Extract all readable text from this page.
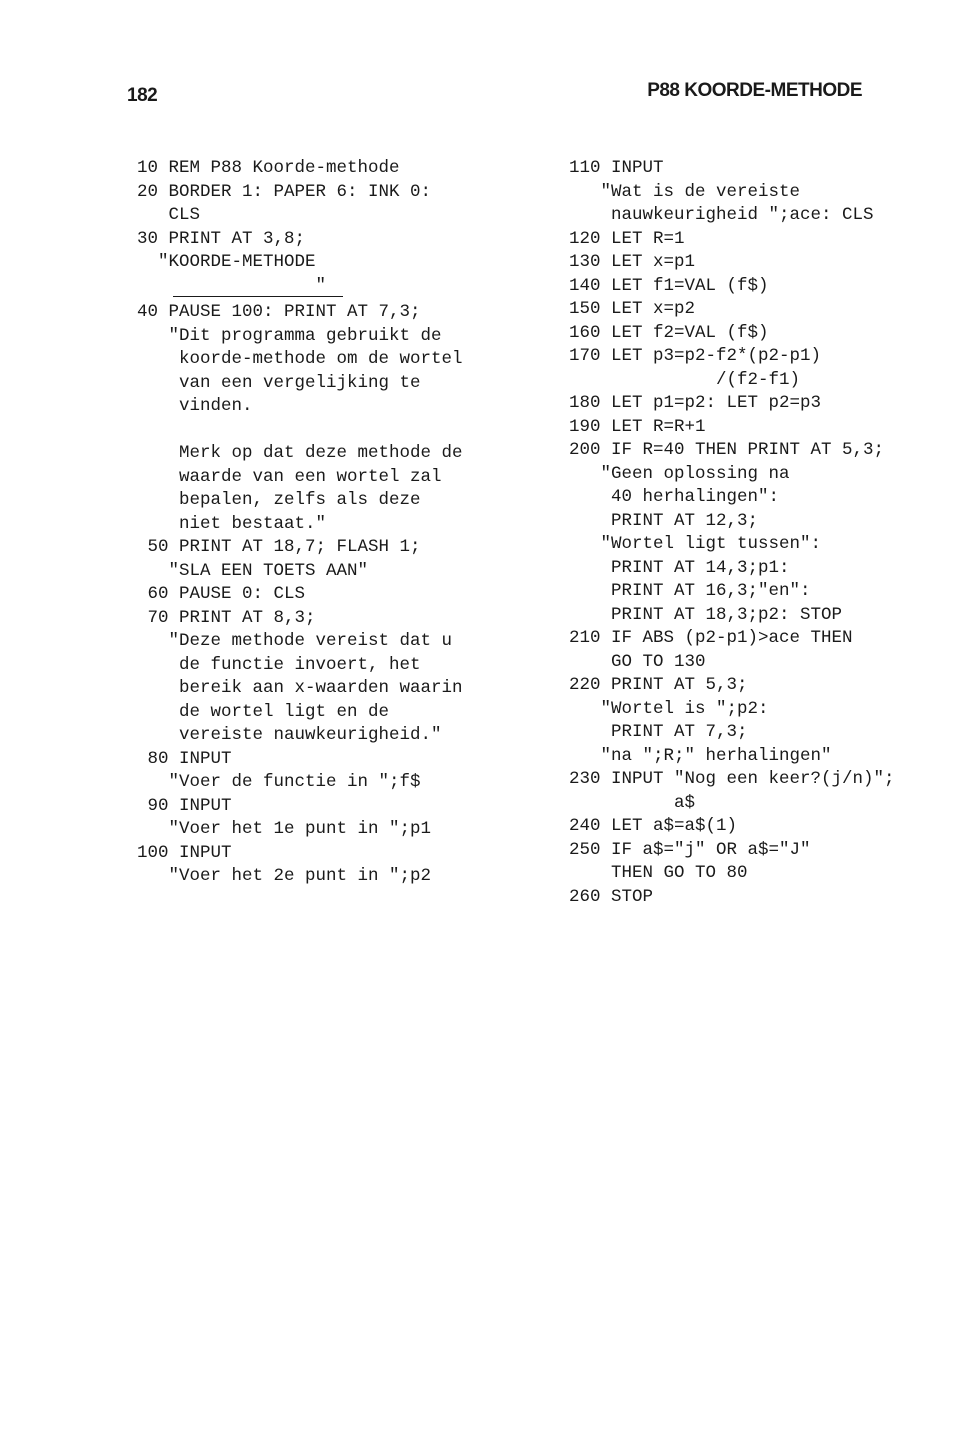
182	P88 KOORDE-METHODE
10 REM P88 Koorde-methode
20 BORDER 1: PAPER 6: INK 0:
CLS
30 PRINT AT 3,8;
"KOORDE-METHODE
"
40 PAUSE 100: PRINT AT 7,3;
"Dit programma gebruikt de
koorde-methode om de wortel
van een vergelijking te
vinden.
Merk op dat deze methode de
waarde van een wortel zal
bepalen, zelfs als deze
niet bestaat."
50 PRINT AT 18,7; FLASH 1;
"SLA EEN TOETS AAN"
60 PAUSE 0: CLS
70 PRINT AT 8,3;
"Deze methode vereist dat u
de functie invoert, het
bereik aan x-waarden waarin
de wortel ligt en de
vereiste nauwkeurigheid."
80 INPUT
"Voer de functie in ";f$
90 INPUT
"Voer het 1e punt in ";p1
100 INPUT
"Voer het 2e punt in ";p2
110 INPUT
"Wat is de vereiste
nauwkeurigheid ";ace: CLS
120 LET R=1
130 LET x=p1
140 LET f1=VAL (f$)
150 LET x=p2
160 LET f2=VAL (f$)
170 LET p3=p2-f2*(p2-p1)
/(f2-f1)
180 LET p1=p2: LET p2=p3
190 LET R=R+1
200 IF R=40 THEN PRINT AT 5,3;
"Geen oplossing na
40 herhalingen":
PRINT AT 12,3;
"Wortel ligt tussen":
PRINT AT 14,3;p1:
PRINT AT 16,3;"en":
PRINT AT 18,3;p2: STOP
210 IF ABS (p2-p1)>ace THEN
GO TO 130
220 PRINT AT 5,3;
"Wortel is ";p2:
PRINT AT 7,3;
"na ";R;" herhalingen"
230 INPUT "Nog een keer?(j/n)";
a$
240 LET a$=a$(1)
250 IF a$="j" OR a$="J"
THEN GO TO 80
260 STOP
